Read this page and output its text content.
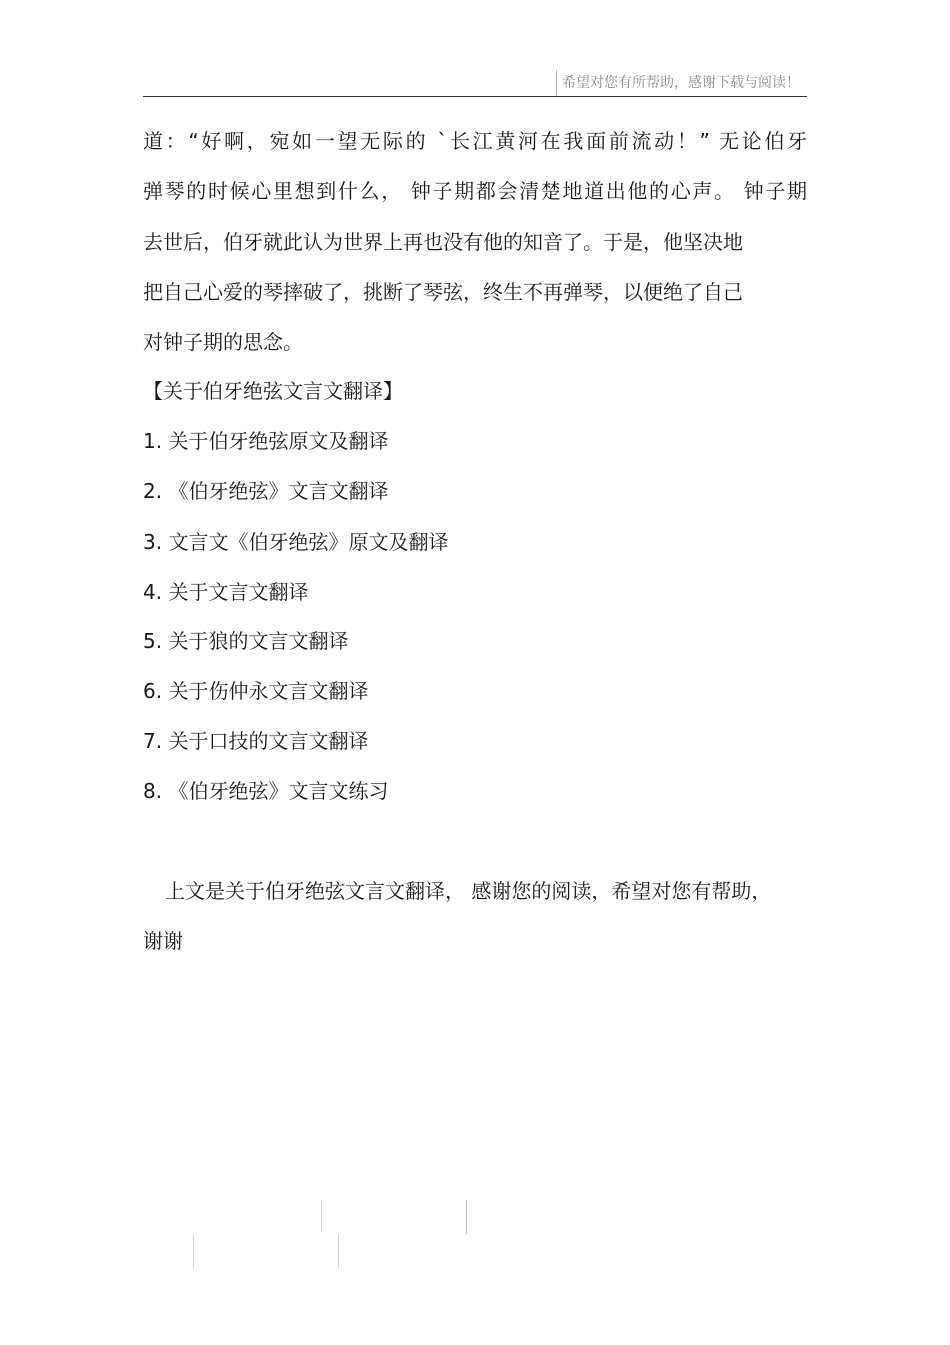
希望对您有所帮助，感谢下载与阅读！
道：“好啊，宛如一望无际的 `长江黄河在我面前流动！” 无论伯牙
弹琴的时候心里想到什么， 钟子期都会清楚地道出他的心声。 钟子期
去世后，伯牙就此认为世界上再也没有他的知音了。于是，他坚决地
把自己心爱的琴摔破了，挑断了琴弦，终生不再弹琴，以便绝了自己
对钟子期的思念。
【关于伯牙绝弦文言文翻译】
1. 关于伯牙绝弦原文及翻译
2. 《伯牙绝弦》文言文翻译
3. 文言文《伯牙绝弦》原文及翻译
4. 关于文言文翻译
5. 关于狼的文言文翻译
6. 关于伤仲永文言文翻译
7. 关于口技的文言文翻译
8. 《伯牙绝弦》文言文练习
上文是关于伯牙绝弦文言文翻译， 感谢您的阅读，希望对您有帮助，
谢谢
